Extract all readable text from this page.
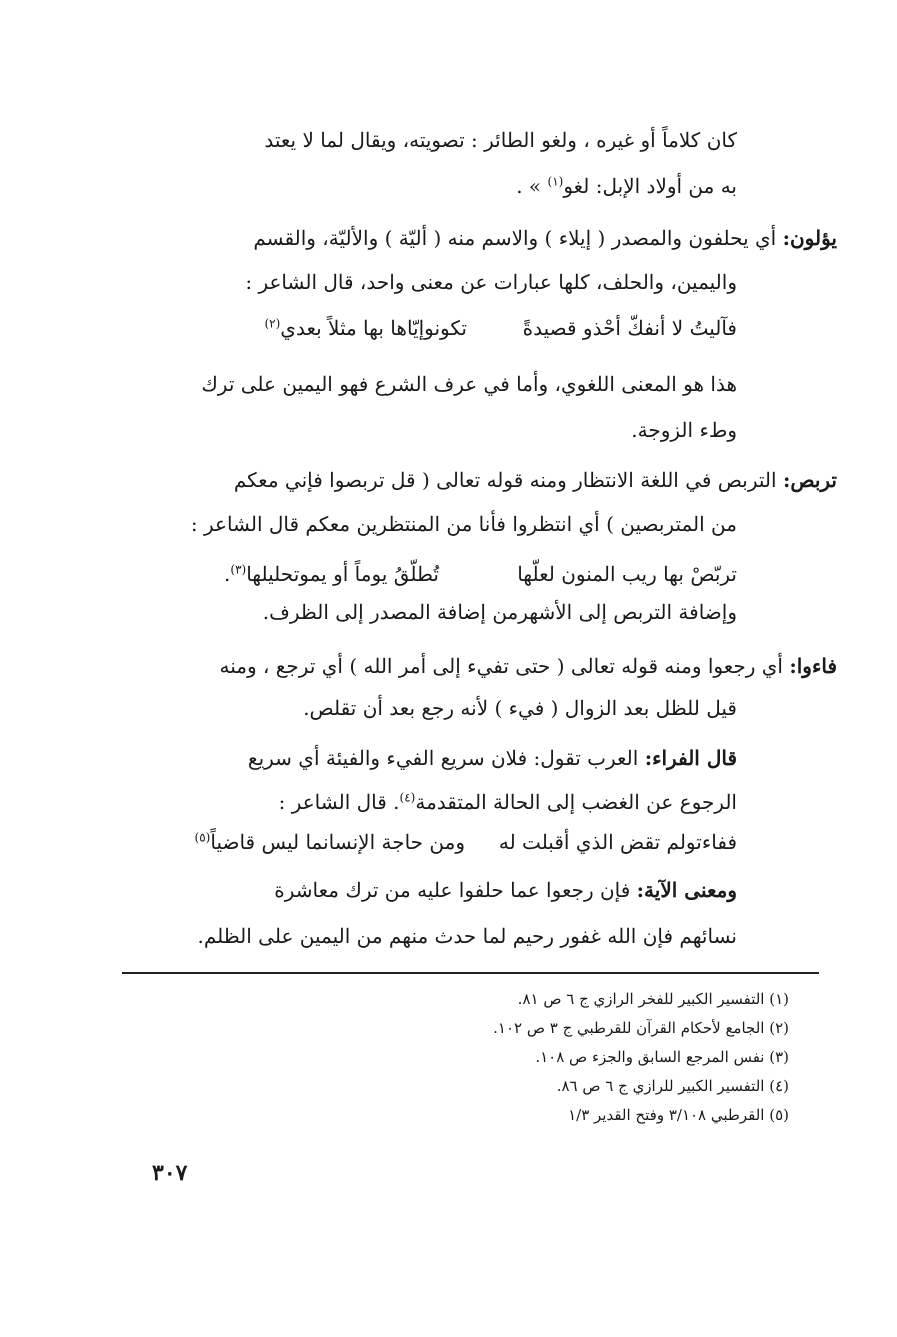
كان كلاماً أو غيره ، ولغو الطائر : تصويته، ويقال لما لا يعتد
به من أولاد الإبل: لغو$^{(١)}$ » .
يؤلون: أي يحلفون والمصدر ( إيلاء ) والاسم منه ( أليّة ) والأليّة، والقسم
واليمين، والحلف، كلها عبارات عن معنى واحد، قال الشاعر :
فآليتُ لا أنفكّ أحْذو قصيدةً
تكونوإيّاها بها مثلاً بعدي$^{(٢)}$
هذا هو المعنى اللغوي، وأما في عرف الشرع فهو اليمين على ترك
وطء الزوجة.
تربص: التربص في اللغة الانتظار ومنه قوله تعالى ( قل تربصوا فإني معكم
من المتربصين ) أي انتظروا فأنا من المنتظرين معكم قال الشاعر :
تربّصْ بها ريب المنون لعلّها
تُطلّقُ يوماً أو يموتحليلها$^{(٣)}$.
وإضافة التربص إلى الأشهرمن إضافة المصدر إلى الظرف.
فاءوا: أي رجعوا ومنه قوله تعالى ( حتى تفيء إلى أمر الله ) أي ترجع ، ومنه
قيل للظل بعد الزوال ( فيء ) لأنه رجع بعد أن تقلص.
قال الفراء: العرب تقول: فلان سريع الفيء والفيئة أي سريع
الرجوع عن الغضب إلى الحالة المتقدمة$^{(٤)}$. قال الشاعر :
ففاءتولم تقض الذي أقبلت له
ومن حاجة الإنسانما ليس قاضياً$^{(٥)}$
ومعنى الآية: فإن رجعوا عما حلفوا عليه من ترك معاشرة
نسائهم فإن الله غفور رحيم لما حدث منهم من اليمين على الظلم.
(١) التفسير الكبير للفخر الرازي ج ٦ ص ٨١.
(٢) الجامع لأحكام القرآن للقرطبي ج ٣ ص ١٠٢.
(٣) نفس المرجع السابق والجزء ص ١٠٨.
(٤) التفسير الكبير للرازي ج ٦ ص ٨٦.
(٥) القرطبي ٣/١٠٨ وفتح القدير ١/٣
٣٠٧
